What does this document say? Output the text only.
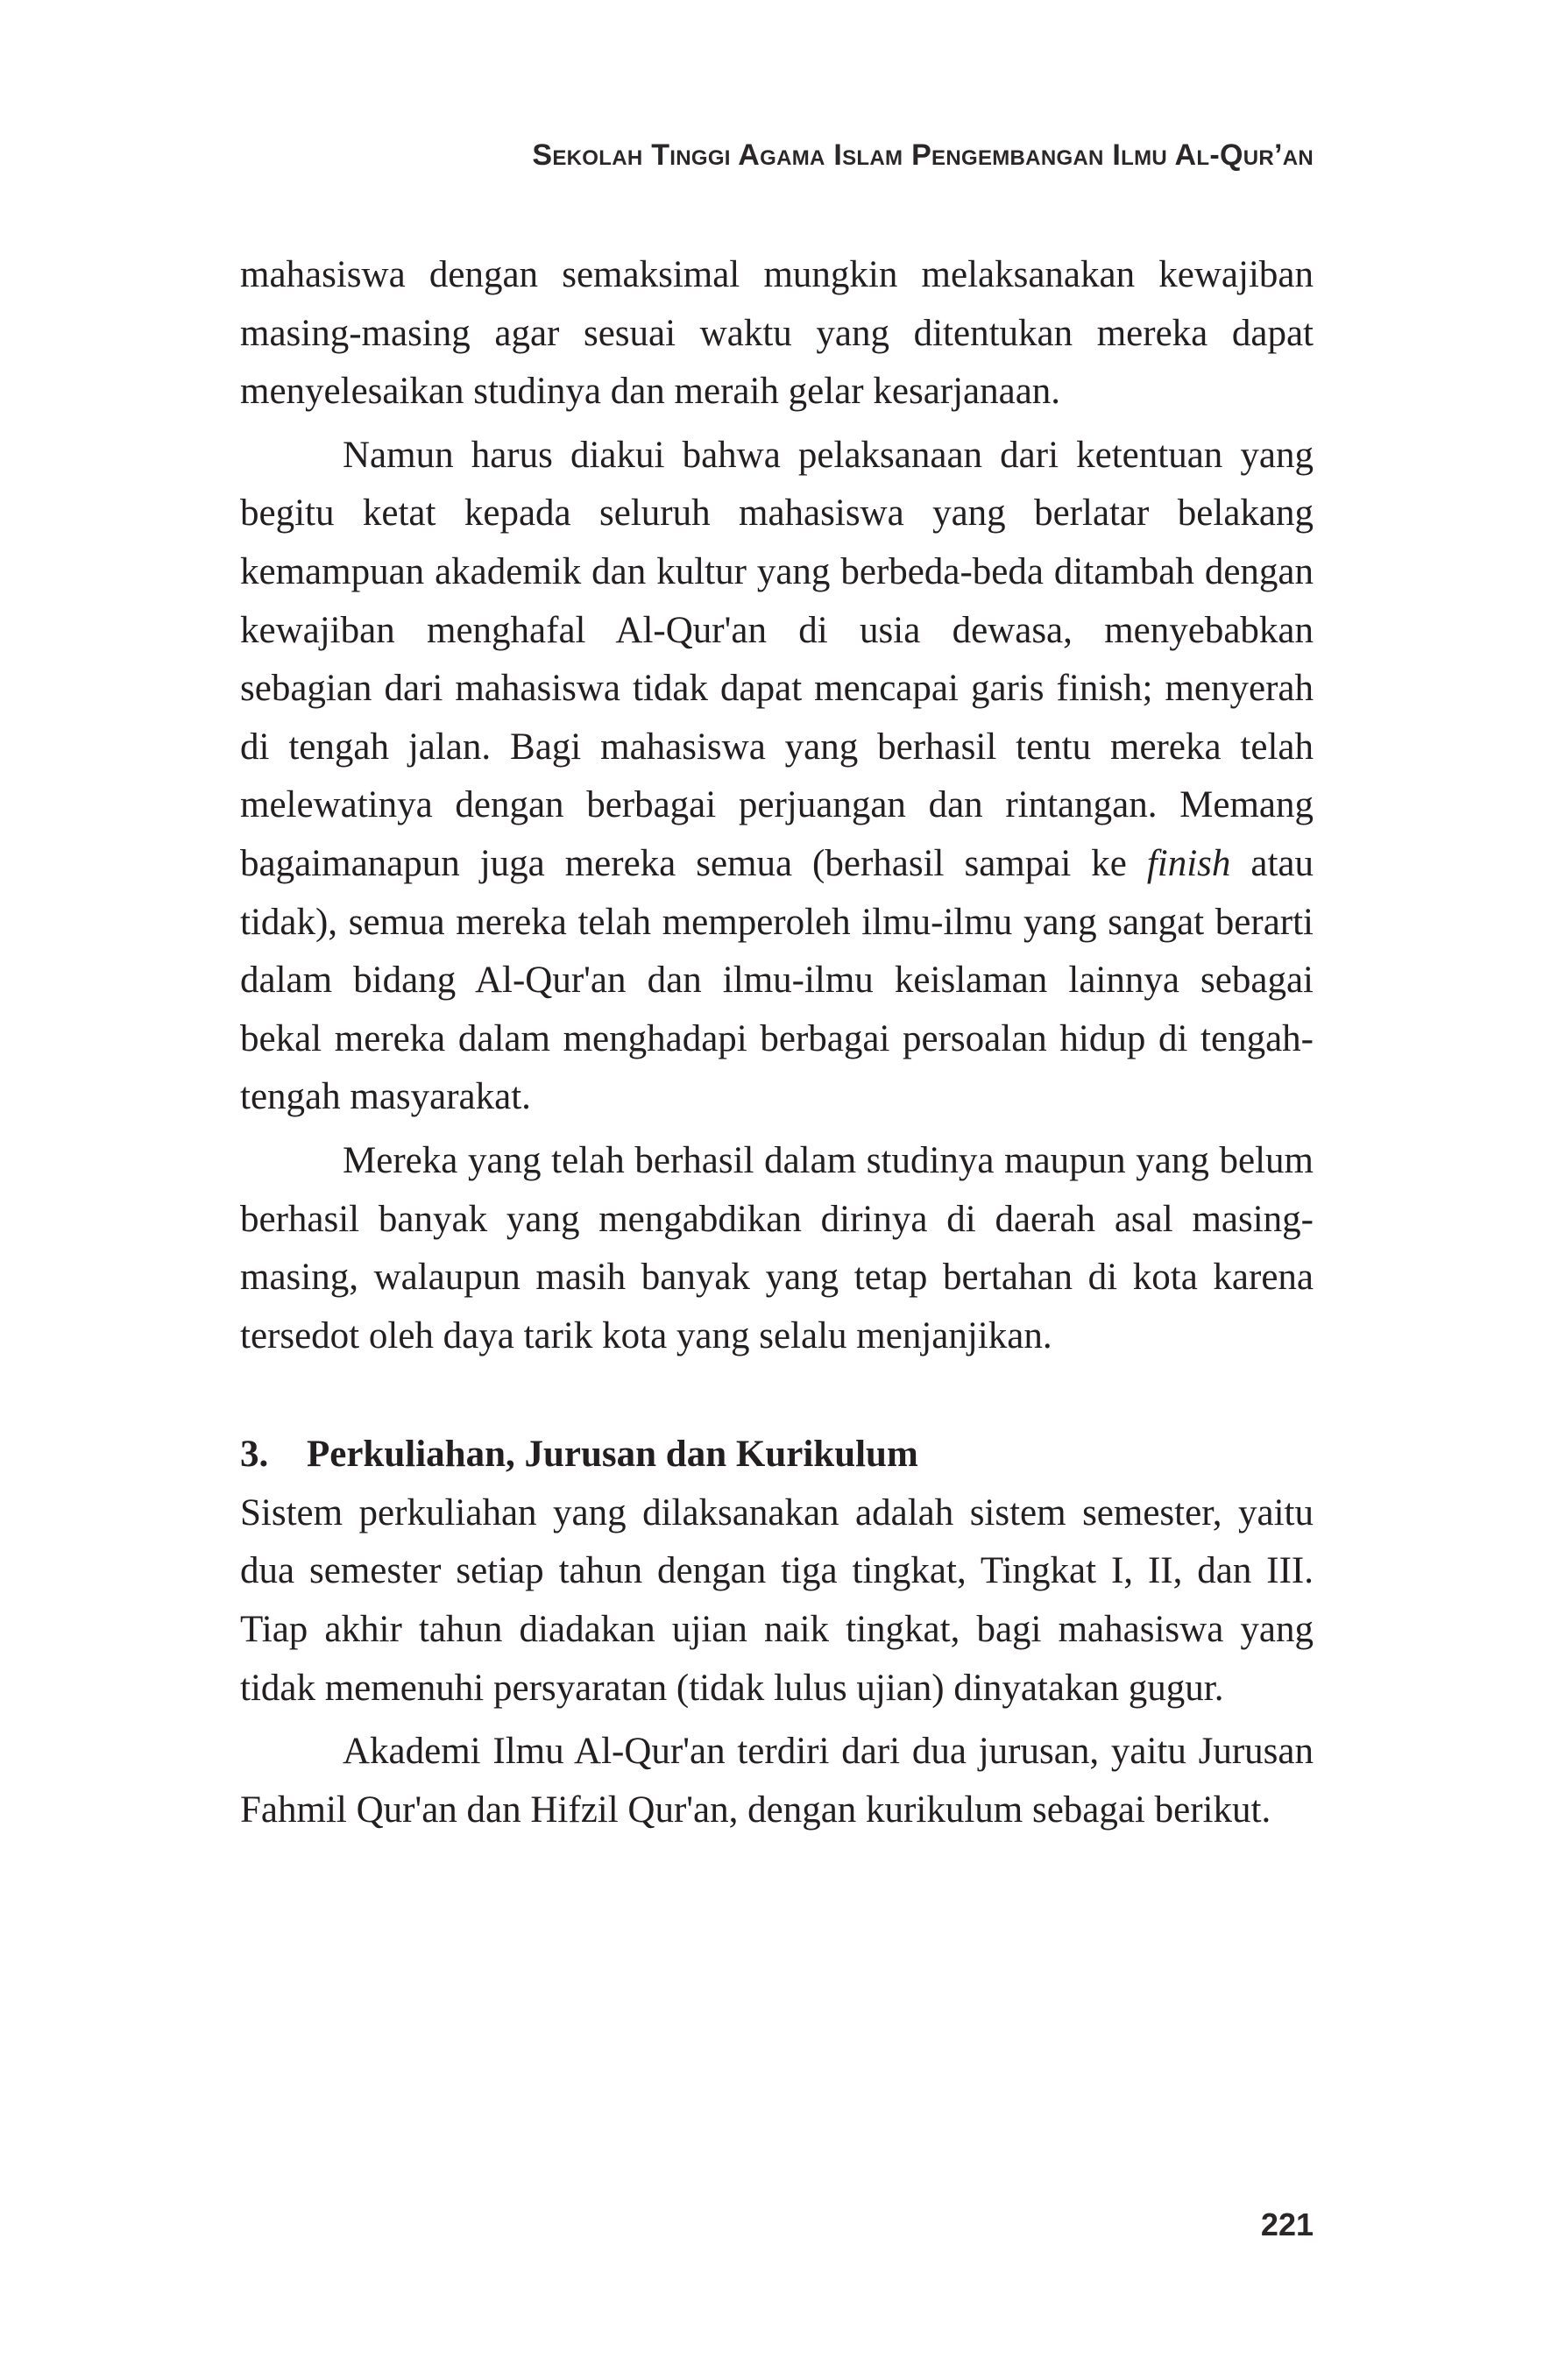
Sekolah Tinggi Agama Islam Pengembangan Ilmu Al-Qur’an

mahasiswa dengan semaksimal mungkin melaksanakan kewajiban masing-masing agar sesuai waktu yang ditentukan mereka dapat menyelesaikan studinya dan meraih gelar kesarjanaan.

Namun harus diakui bahwa pelaksanaan dari ketentuan yang begitu ketat kepada seluruh mahasiswa yang berlatar belakang kemampuan akademik dan kultur yang berbeda-beda ditambah dengan kewajiban menghafal Al-Qur'an di usia dewasa, menyebabkan sebagian dari mahasiswa tidak dapat mencapai garis finish; menyerah di tengah jalan. Bagi mahasiswa yang berhasil tentu mereka telah melewatinya dengan berbagai perjuangan dan rintangan. Memang bagaimanapun juga mereka semua (berhasil sampai ke finish atau tidak), semua mereka telah memperoleh ilmu-ilmu yang sangat berarti dalam bidang Al-Qur'an dan ilmu-ilmu keislaman lainnya sebagai bekal mereka dalam menghadapi berbagai persoalan hidup di tengah-tengah masyarakat.

Mereka yang telah berhasil dalam studinya maupun yang belum berhasil banyak yang mengabdikan dirinya di daerah asal masing-masing, walaupun masih banyak yang tetap bertahan di kota karena tersedot oleh daya tarik kota yang selalu menjanjikan.

3.	Perkuliahan, Jurusan dan Kurikulum

Sistem perkuliahan yang dilaksanakan adalah sistem semester, yaitu dua semester setiap tahun dengan tiga tingkat, Tingkat I, II, dan III. Tiap akhir tahun diadakan ujian naik tingkat, bagi mahasiswa yang tidak memenuhi persyaratan (tidak lulus ujian) dinyatakan gugur.

Akademi Ilmu Al-Qur'an terdiri dari dua jurusan, yaitu Jurusan Fahmil Qur'an dan Hifzil Qur'an, dengan kurikulum sebagai berikut.

221
